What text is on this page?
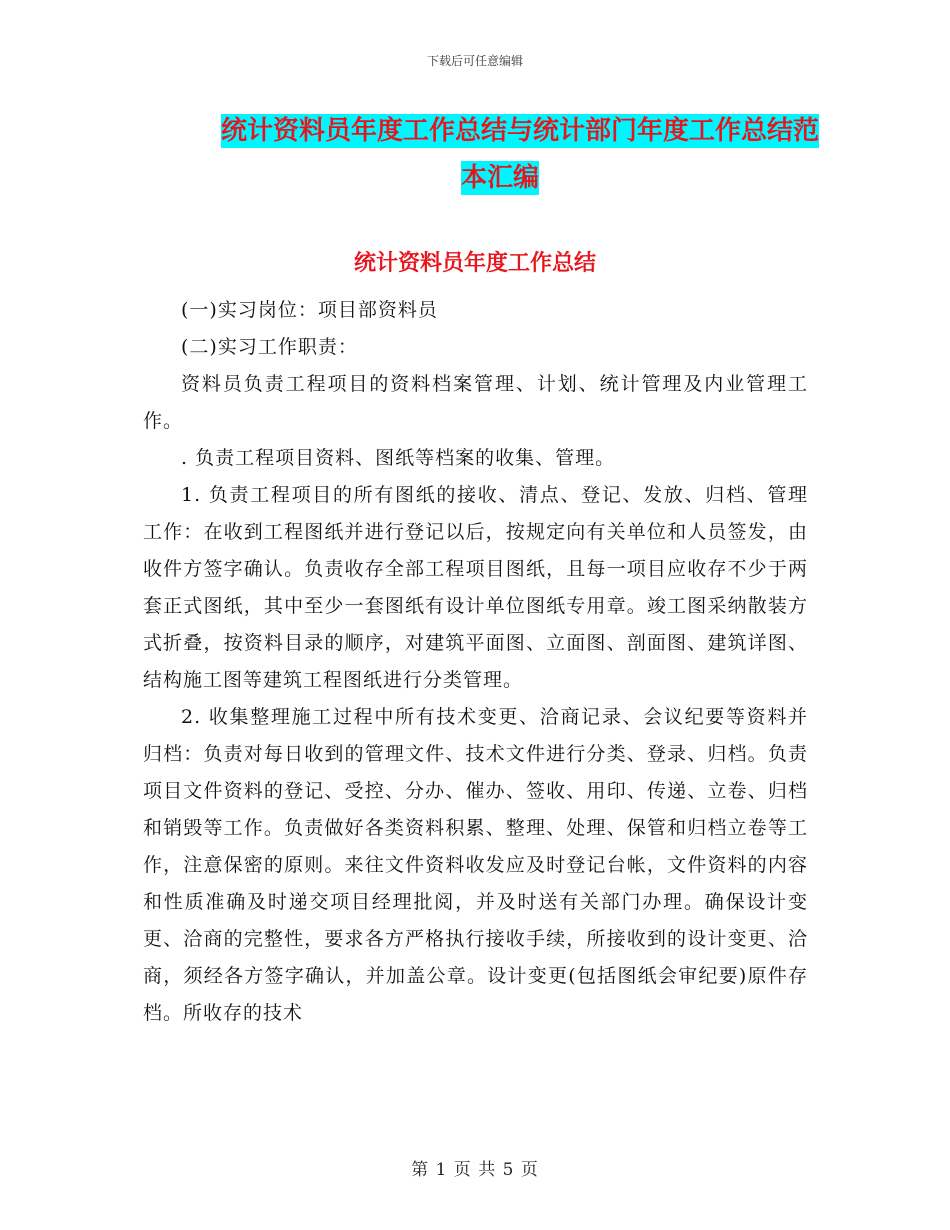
下载后可任意编辑
统计资料员年度工作总结与统计部门年度工作总结范
本汇编
统计资料员年度工作总结

(一)实习岗位：项目部资料员

(二)实习工作职责：

资料员负责工程项目的资料档案管理、计划、统计管理及内业管理工作。

. 负责工程项目资料、图纸等档案的收集、管理。

1. 负责工程项目的所有图纸的接收、清点、登记、发放、归档、管理工作：在收到工程图纸并进行登记以后，按规定向有关单位和人员签发，由收件方签字确认。负责收存全部工程项目图纸，且每一项目应收存不少于两套正式图纸，其中至少一套图纸有设计单位图纸专用章。竣工图采纳散装方式折叠，按资料目录的顺序，对建筑平面图、立面图、剖面图、建筑详图、结构施工图等建筑工程图纸进行分类管理。

2. 收集整理施工过程中所有技术变更、洽商记录、会议纪要等资料并归档：负责对每日收到的管理文件、技术文件进行分类、登录、归档。负责项目文件资料的登记、受控、分办、催办、签收、用印、传递、立卷、归档和销毁等工作。负责做好各类资料积累、整理、处理、保管和归档立卷等工作，注意保密的原则。来往文件资料收发应及时登记台帐，文件资料的内容和性质准确及时递交项目经理批阅，并及时送有关部门办理。确保设计变更、洽商的完整性，要求各方严格执行接收手续，所接收到的设计变更、洽商，须经各方签字确认，并加盖公章。设计变更(包括图纸会审纪要)原件存档。所收存的技术

第 1 页 共 5 页
